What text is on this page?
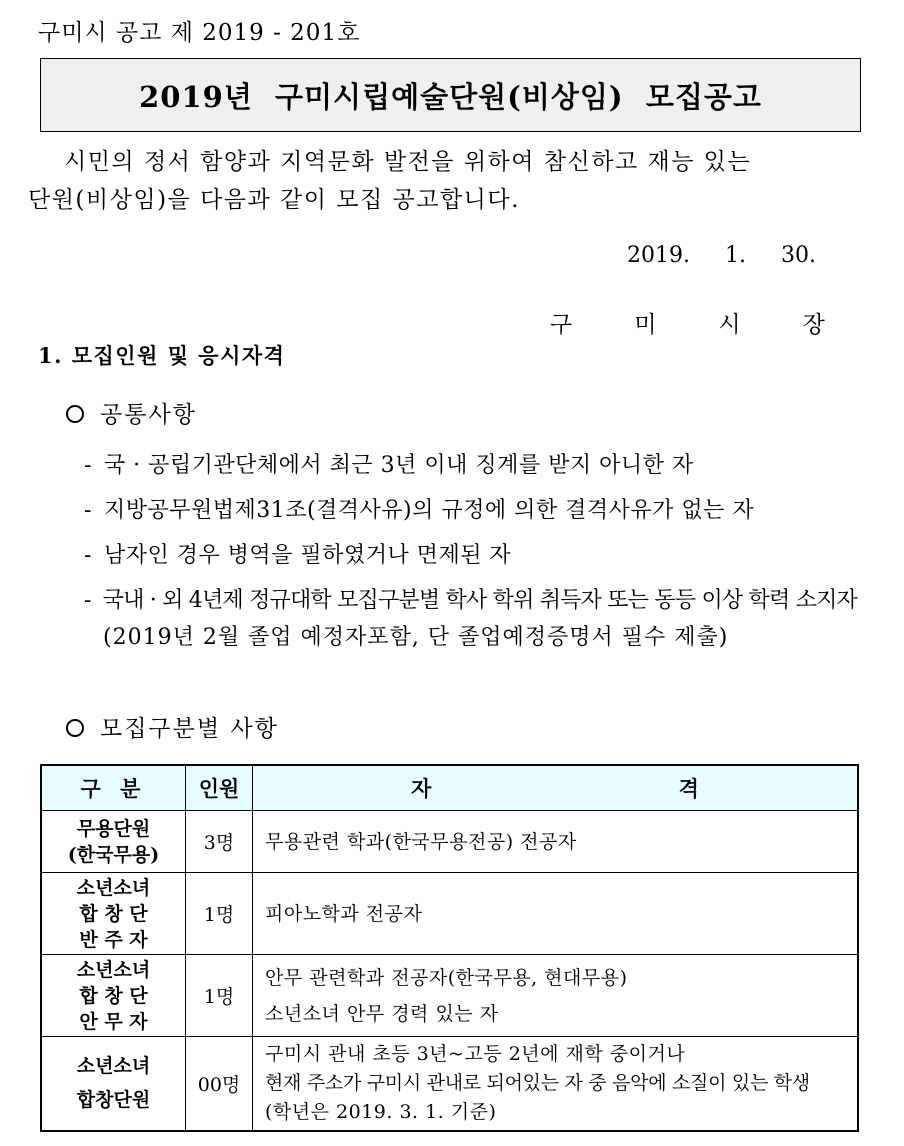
구미시 공고 제 2019 - 201호
2019년  구미시립예술단원(비상임)  모집공고
시민의 정서 함양과 지역문화 발전을 위하여 참신하고 재능 있는
단원(비상임)을 다음과 같이 모집 공고합니다.
2019. 1. 30.
구미시장
1. 모집인원 및 응시자격
공통사항
- 국 · 공립기관단체에서 최근 3년 이내 징계를 받지 아니한 자
- 지방공무원법제31조(결격사유)의 규정에 의한 결격사유가 없는 자
- 남자인 경우 병역을 필하였거나 면제된 자
- 국내 · 외 4년제 정규대학 모집구분별 학사 학위 취득자 또는 동등 이상 학력 소지자
(2019년 2월 졸업 예정자포함, 단 졸업예정증명서 필수 제출)
모집구분별 사항
구 분	인원	자 격

무용단원
(한국무용)	3명	무용관련 학과(한국무용전공) 전공자

소년소녀
합 창 단
반 주 자	1명	피아노학과 전공자

소년소녀
합 창 단
안 무 자	1명	안무 관련학과 전공자(한국무용, 현대무용)
소년소녀 안무 경력 있는 자

소년소녀
합창단원	00명	구미시 관내 초등 3년~고등 2년에 재학 중이거나
현재 주소가 구미시 관내로 되어있는 자 중 음악에 소질이 있는 학생
(학년은 2019. 3. 1. 기준)
